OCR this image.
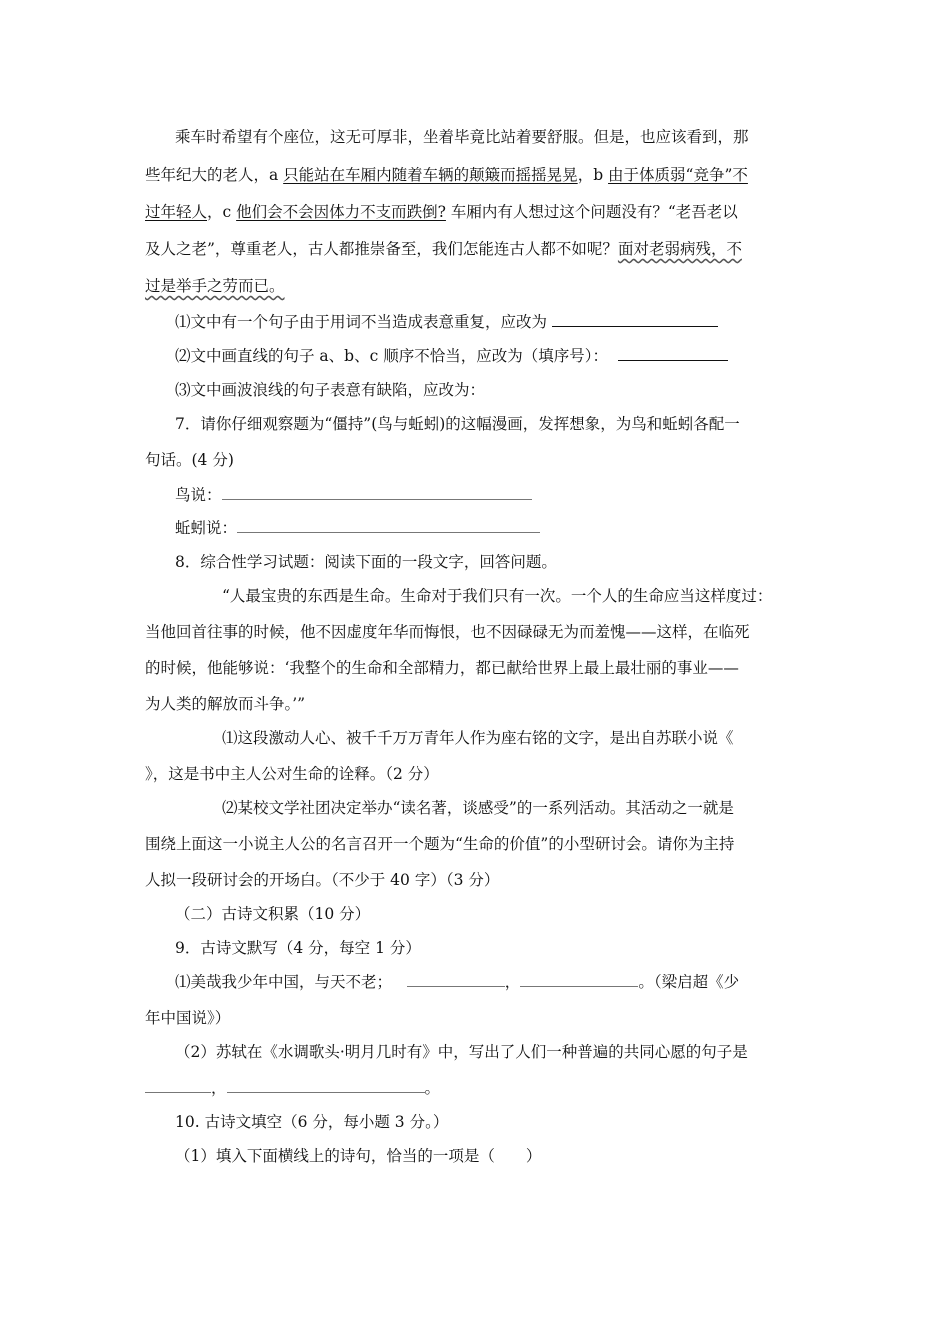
乘车时希望有个座位，这无可厚非，坐着毕竟比站着要舒服。但是，也应该看到，那
些年纪大的老人，a 只能站在车厢内随着车辆的颠簸而摇摇晃晃，b 由于体质弱“竞争”不
过年轻人，c 他们会不会因体力不支而跌倒? 车厢内有人想过这个问题没有？“老吾老以
及人之老”，尊重老人，古人都推崇备至，我们怎能连古人都不如呢？面对老弱病残，不
过是举手之劳而已。
⑴文中有一个句子由于用词不当造成表意重复，应改为
⑵文中画直线的句子 a、b、c 顺序不恰当，应改为（填序号）：
⑶文中画波浪线的句子表意有缺陷，应改为：
7．请你仔细观察题为“僵持”(鸟与蚯蚓)的这幅漫画，发挥想象，为鸟和蚯蚓各配一
句话。(4 分)
鸟说：
蚯蚓说：
8．综合性学习试题：阅读下面的一段文字，回答问题。
“人最宝贵的东西是生命。生命对于我们只有一次。一个人的生命应当这样度过：
当他回首往事的时候，他不因虚度年华而悔恨，也不因碌碌无为而羞愧——这样，在临死
的时候，他能够说：‘我整个的生命和全部精力，都已献给世界上最上最壮丽的事业——
为人类的解放而斗争。’”
⑴这段激动人心、被千千万万青年人作为座右铭的文字，是出自苏联小说《
》，这是书中主人公对生命的诠释。（2 分）
⑵某校文学社团决定举办“读名著，谈感受”的一系列活动。其活动之一就是
围绕上面这一小说主人公的名言召开一个题为“生命的价值”的小型研讨会。请你为主持
人拟一段研讨会的开场白。（不少于 40 字）（3 分）
（二）古诗文积累（10 分）
9．古诗文默写（4 分，每空 1 分）
⑴美哉我少年中国，与天不老；	，	。（梁启超《少
年中国说》）
（2）苏轼在《水调歌头·明月几时有》中，写出了人们一种普遍的共同心愿的句子是
，	。
10. 古诗文填空（6 分，每小题 3 分。）
（1）填入下面横线上的诗句，恰当的一项是（　　）
